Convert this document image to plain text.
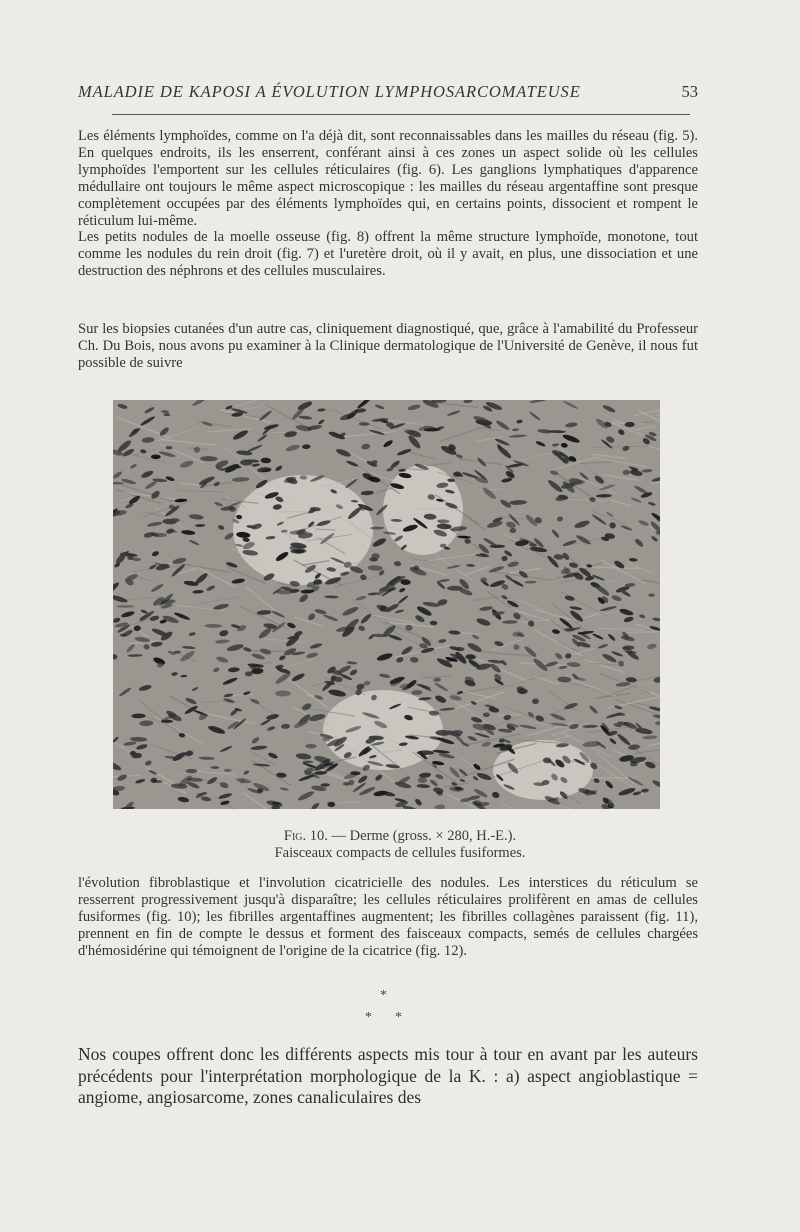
MALADIE DE KAPOSI A ÉVOLUTION LYMPHOSARCOMATEUSE	53

Les éléments lymphoïdes, comme on l'a déjà dit, sont reconnaissables dans les mailles du réseau (fig. 5). En quelques endroits, ils les enserrent, conférant ainsi à ces zones un aspect solide où les cellules lymphoïdes l'emportent sur les cellules réticulaires (fig. 6). Les ganglions lymphatiques d'apparence médullaire ont toujours le même aspect microscopique : les mailles du réseau argentaffine sont presque complètement occupées par des éléments lymphoïdes qui, en certains points, dissocient et rompent le réticulum lui-même.

Les petits nodules de la moelle osseuse (fig. 8) offrent la même structure lymphoïde, monotone, tout comme les nodules du rein droit (fig. 7) et l'uretère droit, où il y avait, en plus, une dissociation et une destruction des néphrons et des cellules musculaires.

Sur les biopsies cutanées d'un autre cas, cliniquement diagnostiqué, que, grâce à l'amabilité du Professeur Ch. Du Bois, nous avons pu examiner à la Clinique dermatologique de l'Université de Genève, il nous fut possible de suivre

Fig. 10. — Derme (gross. × 280, H.-E.).
Faisceaux compacts de cellules fusiformes.

l'évolution fibroblastique et l'involution cicatricielle des nodules. Les interstices du réticulum se resserrent progressivement jusqu'à disparaître; les cellules réticulaires prolifèrent en amas de cellules fusiformes (fig. 10); les fibrilles argentaffines augmentent; les fibrilles collagènes paraissent (fig. 11), prennent en fin de compte le dessus et forment des faisceaux compacts, semés de cellules chargées d'hémosidérine qui témoignent de l'origine de la cicatrice (fig. 12).

*
* *

Nos coupes offrent donc les différents aspects mis tour à tour en avant par les auteurs précédents pour l'interprétation morphologique de la K. : a) aspect angioblastique = angiome, angiosarcome, zones canaliculaires des
